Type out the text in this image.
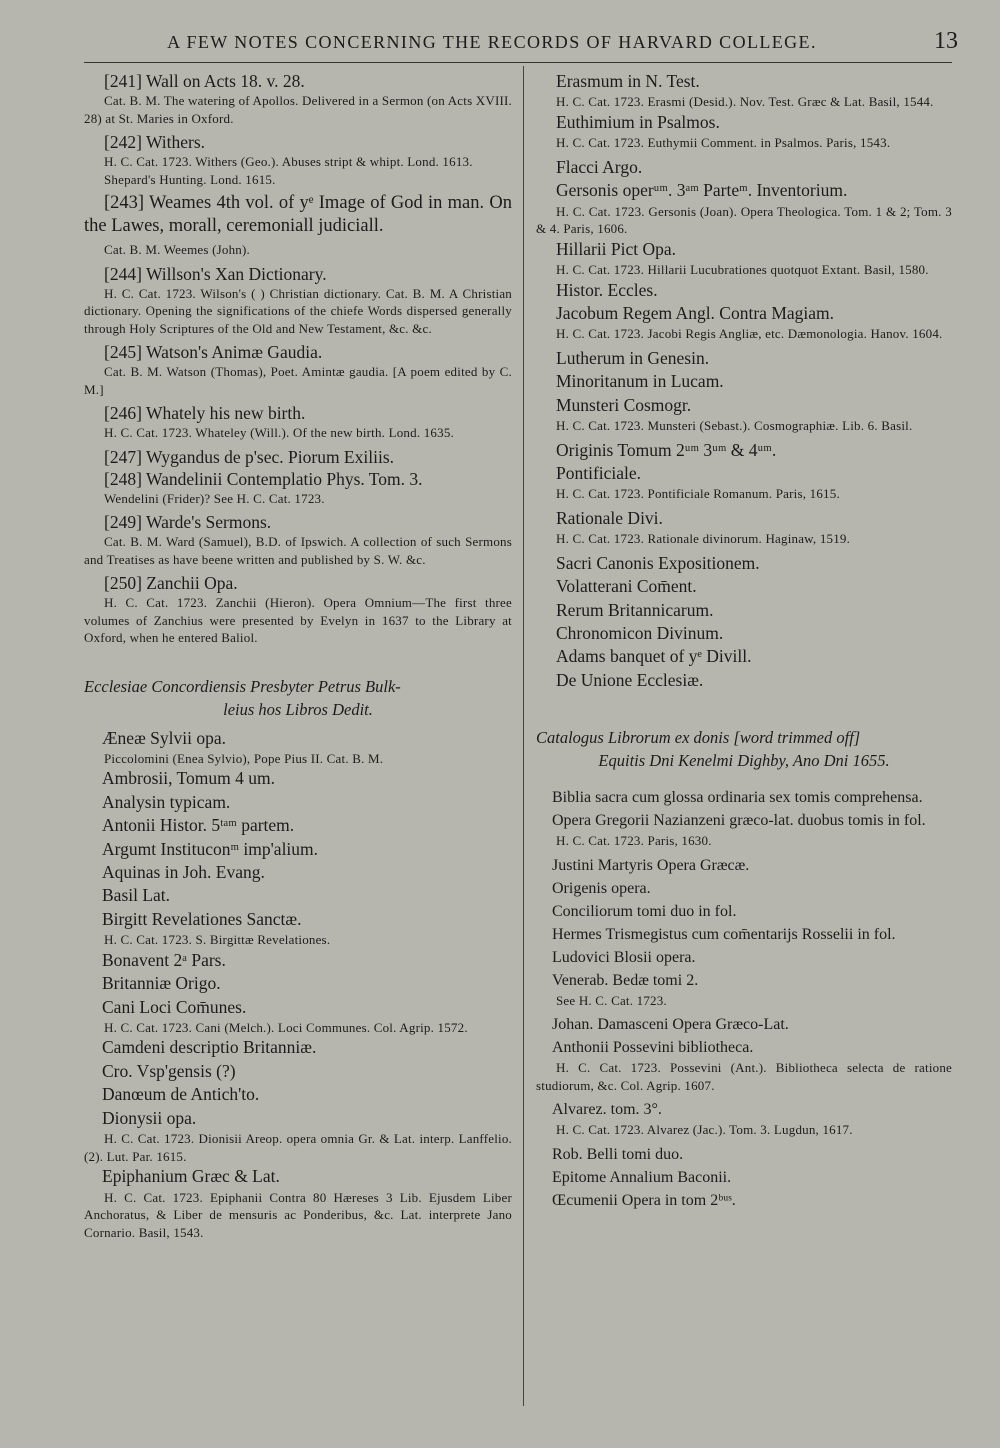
A FEW NOTES CONCERNING THE RECORDS OF HARVARD COLLEGE.	13

[241] Wall on Acts 18. v. 28.

Cat. B. M. The watering of Apollos. Delivered in a Sermon (on Acts XVIII. 28) at St. Maries in Oxford.

[242] Withers.

H. C. Cat. 1723. Withers (Geo.). Abuses stript & whipt. Lond. 1613.

Shepard's Hunting. Lond. 1615.

[243] Weames 4th vol. of yᵉ Image of God in man. On the Lawes, morall, ceremoniall judiciall.

Cat. B. M. Weemes (John).

[244] Willson's Xan Dictionary.

H. C. Cat. 1723. Wilson's ( ) Christian dictionary. Cat. B. M. A Christian dictionary. Opening the significations of the chiefe Words dispersed generally through Holy Scriptures of the Old and New Testament, &c. &c.

[245] Watson's Animæ Gaudia.

Cat. B. M. Watson (Thomas), Poet. Amintæ gaudia. [A poem edited by C. M.]

[246] Whately his new birth.

H. C. Cat. 1723. Whateley (Will.). Of the new birth. Lond. 1635.

[247] Wygandus de p'sec. Piorum Exiliis.

[248] Wandelinii Contemplatio Phys. Tom. 3.

Wendelini (Frider)? See H. C. Cat. 1723.

[249] Warde's Sermons.

Cat. B. M. Ward (Samuel), B.D. of Ipswich. A collection of such Sermons and Treatises as have beene written and published by S. W. &c.

[250] Zanchii Opa.

H. C. Cat. 1723. Zanchii (Hieron). Opera Omnium—The first three volumes of Zanchius were presented by Evelyn in 1637 to the Library at Oxford, when he entered Baliol.

Ecclesiae Concordiensis Presbyter Petrus Bulk-
leius hos Libros Dedit.

Æneæ Sylvii opa.

Piccolomini (Enea Sylvio), Pope Pius II. Cat. B. M.

Ambrosii, Tomum 4 um.

Analysin typicam.

Antonii Histor. 5ᵗᵃᵐ partem.

Argumt Instituconᵐ imp'alium.

Aquinas in Joh. Evang.

Basil Lat.

Birgitt Revelationes Sanctæ.

H. C. Cat. 1723. S. Birgittæ Revelationes.

Bonavent 2ᵃ Pars.

Britanniæ Origo.

Cani Loci Com̄unes.

H. C. Cat. 1723. Cani (Melch.). Loci Communes. Col. Agrip. 1572.

Camdeni descriptio Britanniæ.

Cro. Vsp'gensis (?)

Danœum de Antich'to.

Dionysii opa.

H. C. Cat. 1723. Dionisii Areop. opera omnia Gr. & Lat. interp. Lanffelio. (2). Lut. Par. 1615.

Epiphanium Græc & Lat.

H. C. Cat. 1723. Epiphanii Contra 80 Hæreses 3 Lib. Ejusdem Liber Anchoratus, & Liber de mensuris ac Ponderibus, &c. Lat. interprete Jano Cornario. Basil, 1543.

Erasmum in N. Test.

H. C. Cat. 1723. Erasmi (Desid.). Nov. Test. Græc & Lat. Basil, 1544.

Euthimium in Psalmos.

H. C. Cat. 1723. Euthymii Comment. in Psalmos. Paris, 1543.

Flacci Argo.

Gersonis operᵘᵐ. 3ᵃᵐ Parteᵐ. Inventorium.

H. C. Cat. 1723. Gersonis (Joan). Opera Theologica. Tom. 1 & 2; Tom. 3 & 4. Paris, 1606.

Hillarii Pict Opa.

H. C. Cat. 1723. Hillarii Lucubrationes quotquot Extant. Basil, 1580.

Histor. Eccles.

Jacobum Regem Angl. Contra Magiam.

H. C. Cat. 1723. Jacobi Regis Angliæ, etc. Dæmonologia. Hanov. 1604.

Lutherum in Genesin.

Minoritanum in Lucam.

Munsteri Cosmogr.

H. C. Cat. 1723. Munsteri (Sebast.). Cosmographiæ. Lib. 6. Basil.

Originis Tomum 2ᵘᵐ 3ᵘᵐ & 4ᵘᵐ.

Pontificiale.

H. C. Cat. 1723. Pontificiale Romanum. Paris, 1615.

Rationale Divi.

H. C. Cat. 1723. Rationale divinorum. Haginaw, 1519.

Sacri Canonis Expositionem.

Volatterani Com̄ent.

Rerum Britannicarum.

Chronomicon Divinum.

Adams banquet of yᵉ Divill.

De Unione Ecclesiæ.

Catalogus Librorum ex donis [word trimmed off]
Equitis Dni Kenelmi Dighby, Ano Dni 1655.

Biblia sacra cum glossa ordinaria sex tomis comprehensa.

Opera Gregorii Nazianzeni græco-lat. duobus tomis in fol.

H. C. Cat. 1723. Paris, 1630.

Justini Martyris Opera Græcæ.

Origenis opera.

Conciliorum tomi duo in fol.

Hermes Trismegistus cum com̄entarijs Rosselii in fol.

Ludovici Blosii opera.

Venerab. Bedæ tomi 2.

See H. C. Cat. 1723.

Johan. Damasceni Opera Græco-Lat.

Anthonii Possevini bibliotheca.

H. C. Cat. 1723. Possevini (Ant.). Bibliotheca selecta de ratione studiorum, &c. Col. Agrip. 1607.

Alvarez. tom. 3°.

H. C. Cat. 1723. Alvarez (Jac.). Tom. 3. Lugdun, 1617.

Rob. Belli tomi duo.

Epitome Annalium Baconii.

Œcumenii Opera in tom 2ᵇᵘˢ.
